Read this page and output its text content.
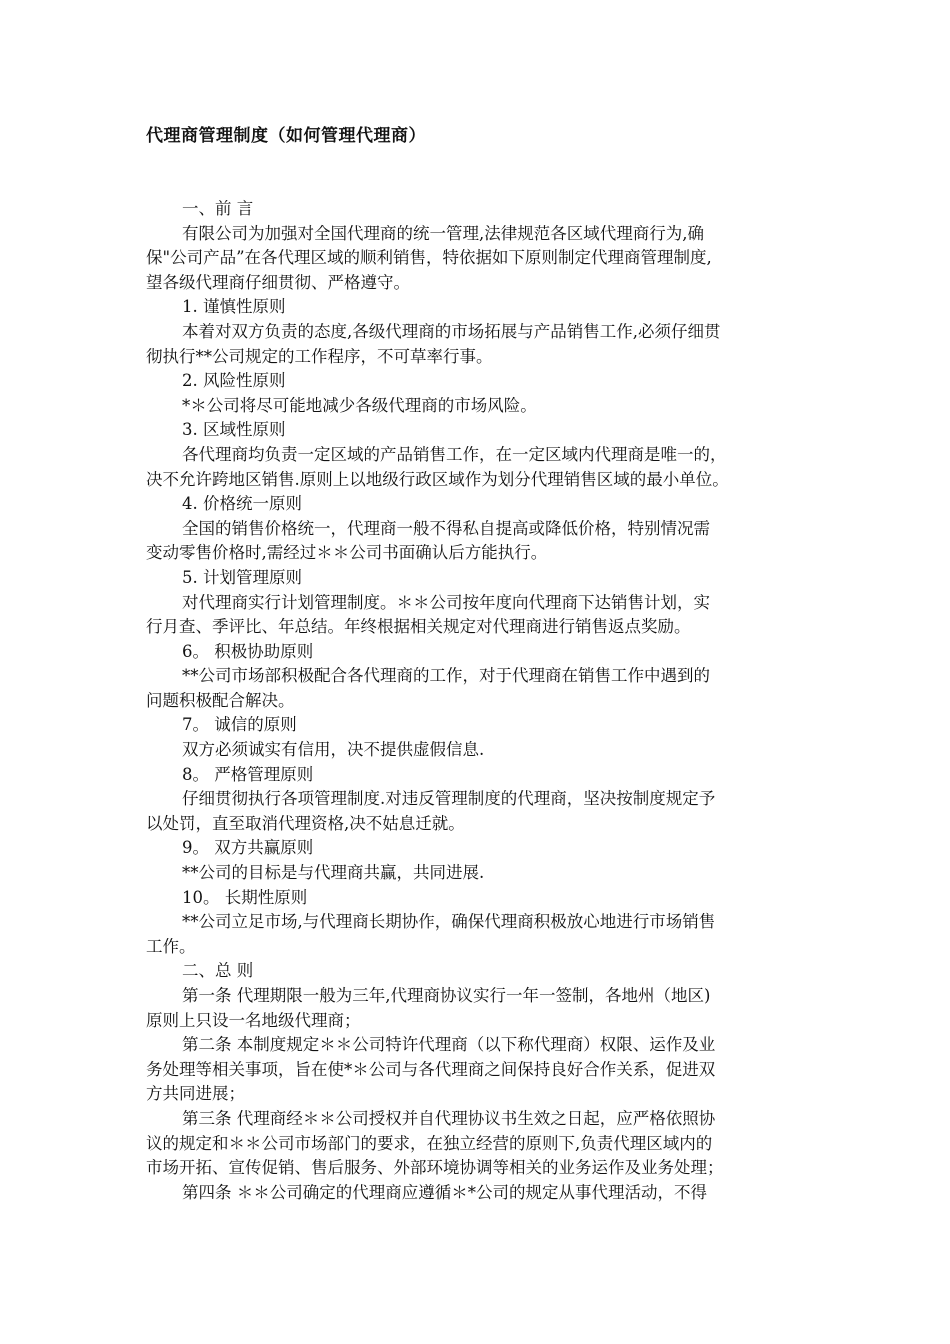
代理商管理制度（如何管理代理商）

一、前 言

有限公司为加强对全国代理商的统一管理,法律规范各区域代理商行为,确
保"公司产品”在各代理区域的顺利销售，特依据如下原则制定代理商管理制度,
望各级代理商仔细贯彻、严格遵守。

1. 谨慎性原则

本着对双方负责的态度,各级代理商的市场拓展与产品销售工作,必须仔细贯
彻执行**公司规定的工作程序，不可草率行事。

2. 风险性原则

*＊公司将尽可能地减少各级代理商的市场风险。

3. 区域性原则

各代理商均负责一定区域的产品销售工作，在一定区域内代理商是唯一的，
决不允许跨地区销售.原则上以地级行政区域作为划分代理销售区域的最小单位。

4. 价格统一原则

全国的销售价格统一，代理商一般不得私自提高或降低价格，特别情况需
变动零售价格时,需经过＊＊公司书面确认后方能执行。

5. 计划管理原则

对代理商实行计划管理制度。＊＊公司按年度向代理商下达销售计划，实
行月查、季评比、年总结。年终根据相关规定对代理商进行销售返点奖励。

6。 积极协助原则

**公司市场部积极配合各代理商的工作，对于代理商在销售工作中遇到的
问题积极配合解决。

7。 诚信的原则

双方必须诚实有信用，决不提供虚假信息.

8。 严格管理原则

仔细贯彻执行各项管理制度.对违反管理制度的代理商，坚决按制度规定予
以处罚，直至取消代理资格,决不姑息迁就。

9。 双方共赢原则

**公司的目标是与代理商共赢，共同进展.

10。 长期性原则

**公司立足市场,与代理商长期协作，确保代理商积极放心地进行市场销售
工作。

二、总 则

第一条 代理期限一般为三年,代理商协议实行一年一签制，各地州（地区)
原则上只设一名地级代理商；

第二条 本制度规定＊＊公司特许代理商（以下称代理商）权限、运作及业
务处理等相关事项，旨在使*＊公司与各代理商之间保持良好合作关系，促进双
方共同进展；

第三条 代理商经＊＊公司授权并自代理协议书生效之日起，应严格依照协
议的规定和＊＊公司市场部门的要求，在独立经营的原则下,负责代理区域内的
市场开拓、宣传促销、售后服务、外部环境协调等相关的业务运作及业务处理；

第四条 ＊＊公司确定的代理商应遵循＊*公司的规定从事代理活动，不得
